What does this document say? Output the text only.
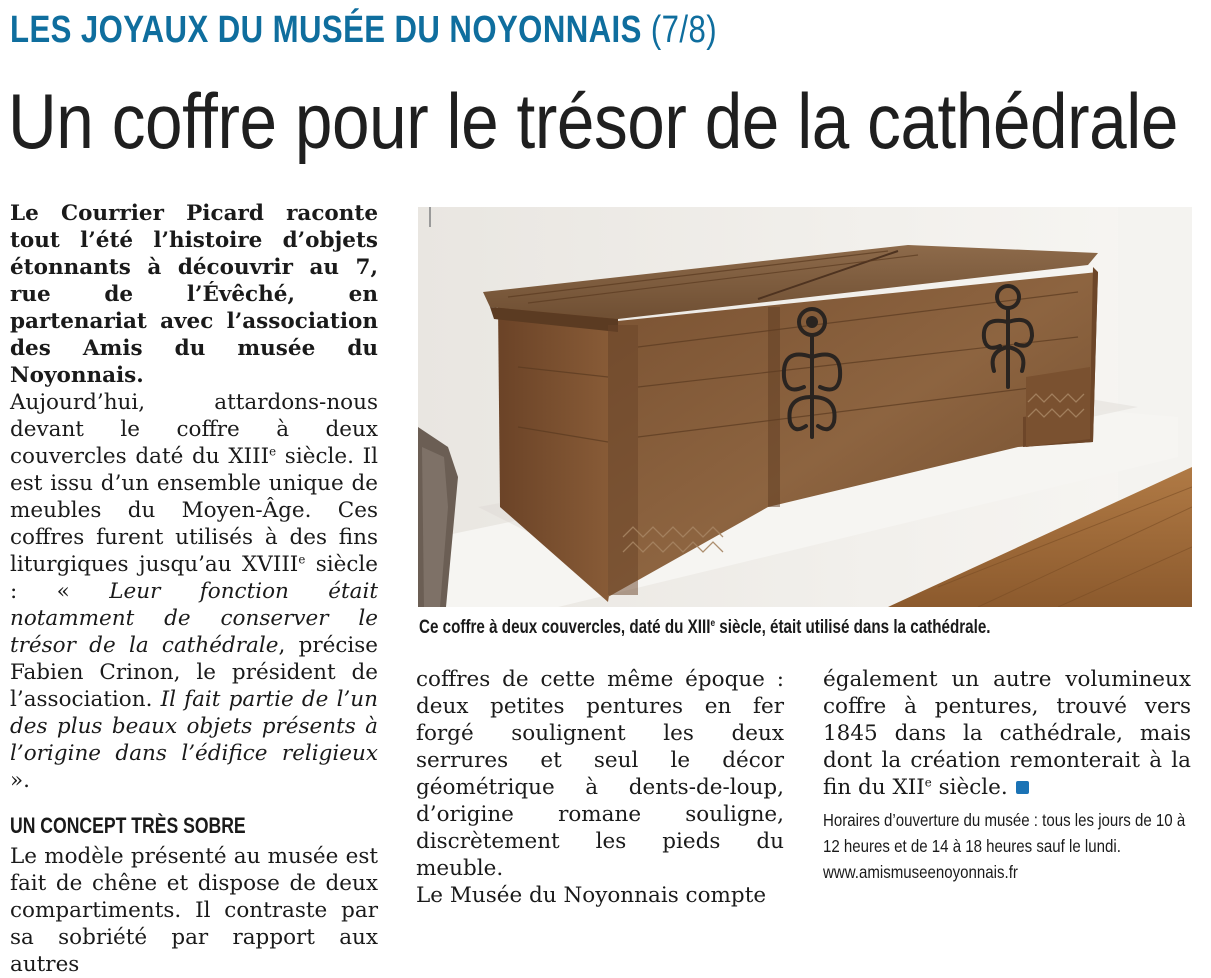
LES JOYAUX DU MUSÉE DU NOYONNAIS (7/8)
Un coffre pour le trésor de la cathédrale

Le Courrier Picard raconte tout l’été l’histoire d’objets étonnants à découvrir au 7, rue de l’Évêché, en partenariat avec l’association des Amis du musée du Noyonnais.

Aujourd’hui, attardons-nous devant le coffre à deux couvercles daté du XIIIe siècle. Il est issu d’un ensemble unique de meubles du Moyen-Âge. Ces coffres furent utilisés à des fins liturgiques jusqu’au XVIIIe siècle : « Leur fonction était notamment de conserver le trésor de la cathédrale, précise Fabien Crinon, le président de l’association. Il fait partie de l’un des plus beaux objets présents à l’origine dans l’édifice religieux ».

UN CONCEPT TRÈS SOBRE

Le modèle présenté au musée est fait de chêne et dispose de deux compartiments. Il contraste par sa sobriété par rapport aux autres

Ce coffre à deux couvercles, daté du XIIIe siècle, était utilisé dans la cathédrale.

coffres de cette même époque : deux petites pentures en fer forgé soulignent les deux serrures et seul le décor géométrique à dents-de-loup, d’origine romane souligne, discrètement les pieds du meuble.

Le Musée du Noyonnais compte

également un autre volumineux coffre à pentures, trouvé vers 1845 dans la cathédrale, mais dont la création remonterait à la fin du XIIe siècle.

Horaires d’ouverture du musée : tous les jours de 10 à 12 heures et de 14 à 18 heures sauf le lundi. www.amismuseenoyonnais.fr
